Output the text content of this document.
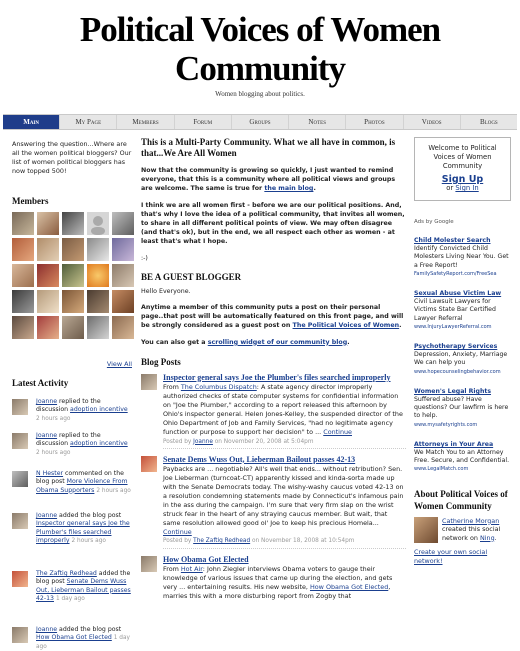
Political Voices of Women
Community
Women blogging about politics.
Main	My Page	Members	Forum	Groups	Notes	Photos	Videos	Blogs
Answering the question...Where are all the women political bloggers? Our list of women political bloggers has now topped 500!
Members
View All
Latest Activity
Joanne replied to the discussion adoption incentive 2 hours ago
Joanne replied to the discussion adoption incentive 2 hours ago
N Hester commented on the blog post More Violence From Obama Supporters 2 hours ago
Joanne added the blog post Inspector general says Joe the Plumber's files searched improperly 2 hours ago
The Zaftig Redhead added the blog post Senate Dems Wuss Out, Lieberman Bailout passes 42-13 1 day ago
Joanne added the blog post How Obama Got Elected 1 day ago
This is a Multi-Party Community. What we all have in common, is that...We Are All Women
Now that the community is growing so quickly, I just wanted to remind everyone, that this is a community where all political views and groups are welcome. The same is true for the main blog.
I think we are all women first - before we are our political positions. And, that's why I love the idea of a political community, that invites all women, to share in all different political points of view. We may often disagree (and that's ok), but in the end, we all respect each other as women - at least that's what I hope.
:-)
BE A GUEST BLOGGER
Hello Everyone.
Anytime a member of this community puts a post on their personal page..that post will be automatically featured on this front page, and will be strongly considered as a guest post on The Political Voices of Women.
You can also get a scrolling widget of our community blog.
Blog Posts
Inspector general says Joe the Plumber's files searched improperly
From The Columbus Dispatch: A state agency director improperly authorized checks of state computer systems for confidential information on "Joe the Plumber," according to a report released this afternoon by Ohio's inspector general. Helen Jones-Kelley, the suspended director of the Ohio Department of Job and Family Services, "had no legitimate agency function or purpose to support her decision" to ... Continue
Posted by Joanne on November 20, 2008 at 5:04pm
Senate Dems Wuss Out, Lieberman Bailout passes 42-13
Paybacks are ... negotiable? All's well that ends... without retribution? Sen. Joe Lieberman (turncoat-CT) apparently kissed and kinda-sorta made up with the Senate Democrats today. The wishy-washy caucus voted 42-13 on a resolution condemning statements made by Connecticut's infamous pain in the ass during the campaign. I'm sure that very firm slap on the wrist struck fear in the heart of any straying caucus member. But wait, that same resolution allowed good ol' Joe to keep his precious Homela... Continue
Posted by The Zaftig Redhead on November 18, 2008 at 10:54pm
How Obama Got Elected
From Hot Air: John Ziegler interviews Obama voters to gauge their knowledge of various issues that came up during the election, and gets very ... entertaining results. His new website, How Obama Got Elected, marries this with a more disturbing report from Zogby that
Welcome to Political Voices of Women Community
Sign Up
or Sign In
Ads by Google
Child Molester Search
Identify Convicted Child Molesters Living Near You. Get a Free Report!
FamilySafetyReport.com/FreeSea
Sexual Abuse Victim Law
Civil Lawsuit Lawyers for Victims State Bar Certified Lawyer Referral
www.InjuryLawyerReferral.com
Psychotherapy Services
Depression, Anxiety, Marriage We can help you
www.hopecounselingbehavior.com
Women's Legal Rights
Suffered abuse? Have questions? Our lawfirm is here to help.
www.mysafetyrights.com
Attorneys in Your Area
We Match You to an Attorney Free. Secure, and Confidential.
www.LegalMatch.com
About Political Voices of Women Community
Catherine Morgan created this social network on Ning.
Create your own social network!
